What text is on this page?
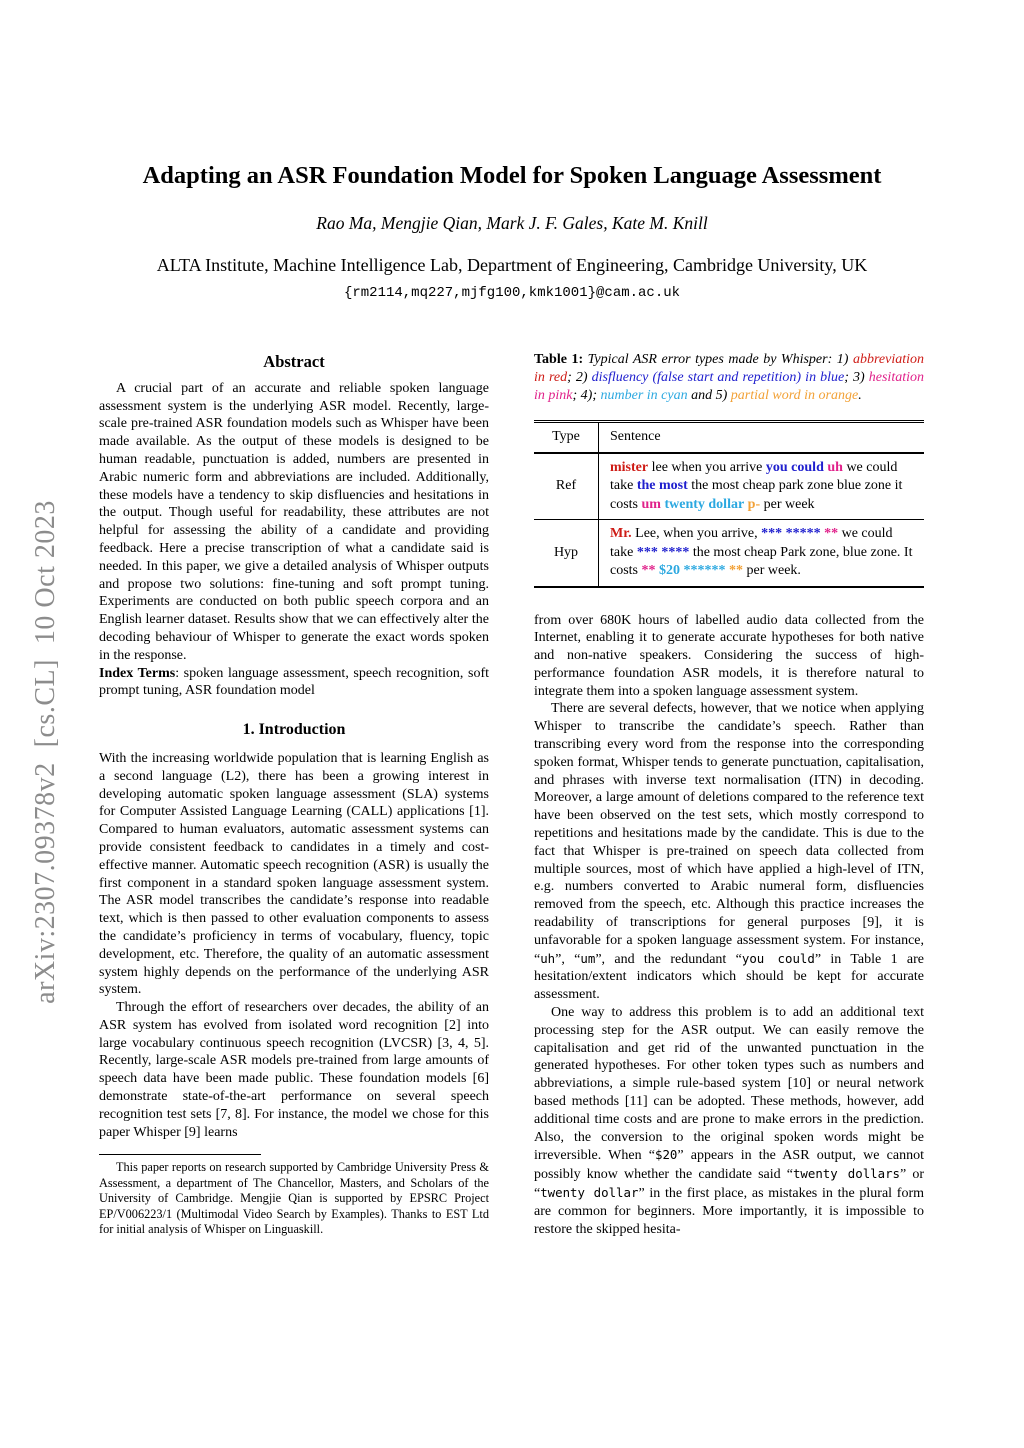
arXiv:2307.09378v2  [cs.CL]  10 Oct 2023
Adapting an ASR Foundation Model for Spoken Language Assessment
Rao Ma, Mengjie Qian, Mark J. F. Gales, Kate M. Knill
ALTA Institute, Machine Intelligence Lab, Department of Engineering, Cambridge University, UK
{rm2114,mq227,mjfg100,kmk1001}@cam.ac.uk
Abstract

A crucial part of an accurate and reliable spoken language assessment system is the underlying ASR model. Recently, large-scale pre-trained ASR foundation models such as Whisper have been made available. As the output of these models is designed to be human readable, punctuation is added, numbers are presented in Arabic numeric form and abbreviations are included. Additionally, these models have a tendency to skip disfluencies and hesitations in the output. Though useful for readability, these attributes are not helpful for assessing the ability of a candidate and providing feedback. Here a precise transcription of what a candidate said is needed. In this paper, we give a detailed analysis of Whisper outputs and propose two solutions: fine-tuning and soft prompt tuning. Experiments are conducted on both public speech corpora and an English learner dataset. Results show that we can effectively alter the decoding behaviour of Whisper to generate the exact words spoken in the response.

Index Terms: spoken language assessment, speech recognition, soft prompt tuning, ASR foundation model

1. Introduction

With the increasing worldwide population that is learning English as a second language (L2), there has been a growing interest in developing automatic spoken language assessment (SLA) systems for Computer Assisted Language Learning (CALL) applications [1]. Compared to human evaluators, automatic assessment systems can provide consistent feedback to candidates in a timely and cost-effective manner. Automatic speech recognition (ASR) is usually the first component in a standard spoken language assessment system. The ASR model transcribes the candidate’s response into readable text, which is then passed to other evaluation components to assess the candidate’s proficiency in terms of vocabulary, fluency, topic development, etc. Therefore, the quality of an automatic assessment system highly depends on the performance of the underlying ASR system.

Through the effort of researchers over decades, the ability of an ASR system has evolved from isolated word recognition [2] into large vocabulary continuous speech recognition (LVCSR) [3, 4, 5]. Recently, large-scale ASR models pre-trained from large amounts of speech data have been made public. These foundation models [6] demonstrate state-of-the-art performance on several speech recognition test sets [7, 8]. For instance, the model we chose for this paper Whisper [9] learns

This paper reports on research supported by Cambridge University Press & Assessment, a department of The Chancellor, Masters, and Scholars of the University of Cambridge. Mengjie Qian is supported by EPSRC Project EP/V006223/1 (Multimodal Video Search by Examples). Thanks to EST Ltd for initial analysis of Whisper on Linguaskill.

Table 1: Typical ASR error types made by Whisper: 1) abbreviation in red; 2) disfluency (false start and repetition) in blue; 3) hesitation in pink; 4); number in cyan and 5) partial word in orange.

Type	Sentence
Ref	mister lee when you arrive you could uh we could take the most the most cheap park zone blue zone it costs um twenty dollar p- per week
Hyp	Mr. Lee, when you arrive, *** ***** ** we could take *** **** the most cheap Park zone, blue zone. It costs ** $20 ****** ** per week.

from over 680K hours of labelled audio data collected from the Internet, enabling it to generate accurate hypotheses for both native and non-native speakers. Considering the success of high-performance foundation ASR models, it is therefore natural to integrate them into a spoken language assessment system.

There are several defects, however, that we notice when applying Whisper to transcribe the candidate’s speech. Rather than transcribing every word from the response into the corresponding spoken format, Whisper tends to generate punctuation, capitalisation, and phrases with inverse text normalisation (ITN) in decoding. Moreover, a large amount of deletions compared to the reference text have been observed on the test sets, which mostly correspond to repetitions and hesitations made by the candidate. This is due to the fact that Whisper is pre-trained on speech data collected from multiple sources, most of which have applied a high-level of ITN, e.g. numbers converted to Arabic numeral form, disfluencies removed from the speech, etc. Although this practice increases the readability of transcriptions for general purposes [9], it is unfavorable for a spoken language assessment system. For instance, “uh”, “um”, and the redundant “you could” in Table 1 are hesitation/extent indicators which should be kept for accurate assessment.

One way to address this problem is to add an additional text processing step for the ASR output. We can easily remove the capitalisation and get rid of the unwanted punctuation in the generated hypotheses. For other token types such as numbers and abbreviations, a simple rule-based system [10] or neural network based methods [11] can be adopted. These methods, however, add additional time costs and are prone to make errors in the prediction. Also, the conversion to the original spoken words might be irreversible. When “$20” appears in the ASR output, we cannot possibly know whether the candidate said “twenty dollars” or “twenty dollar” in the first place, as mistakes in the plural form are common for beginners. More importantly, it is impossible to restore the skipped hesita-
